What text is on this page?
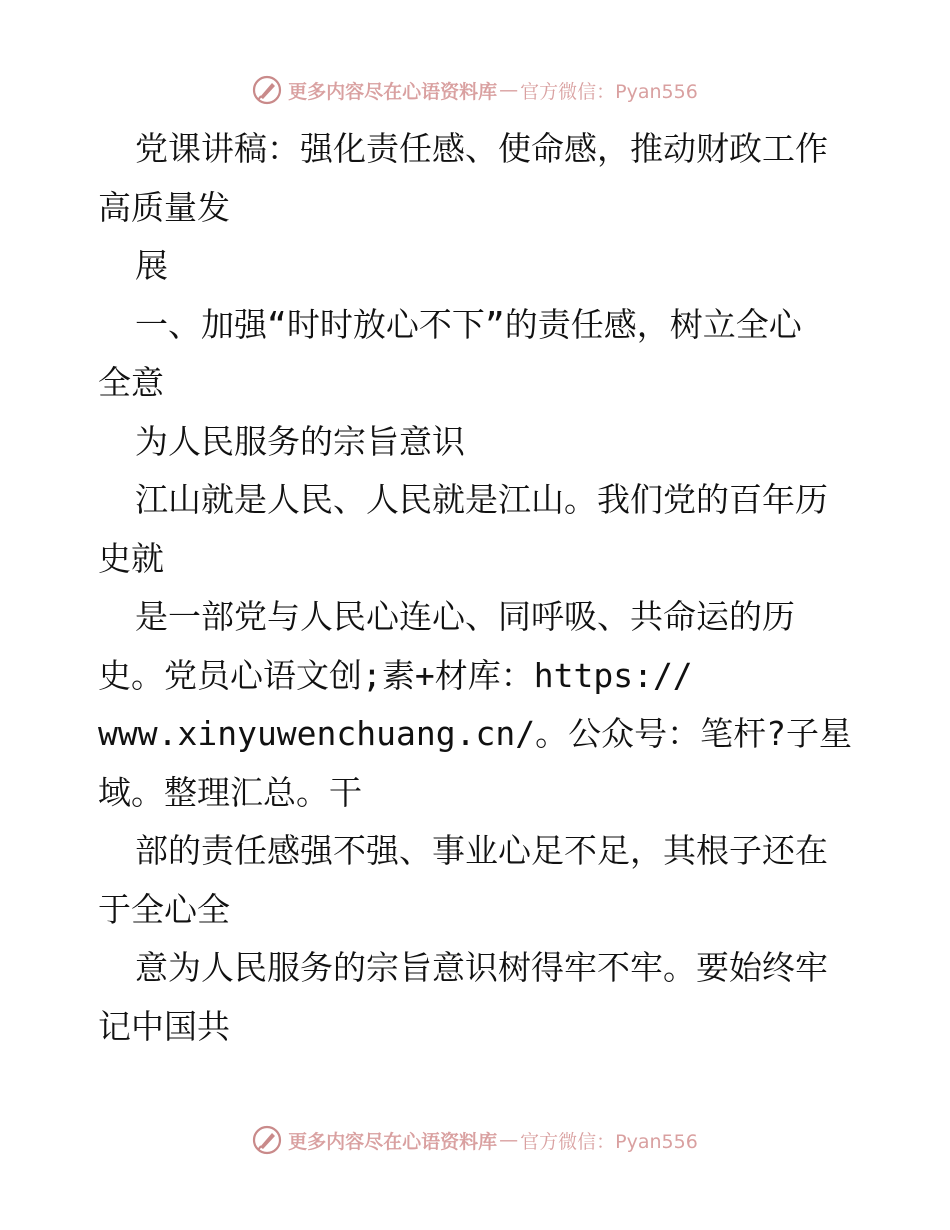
更多内容尽在心语资料库 — 官方微信：Pyan556
党课讲稿：强化责任感、使命感，推动财政工作
高质量发
展
一、加强“时时放心不下”的责任感，树立全心
全意
为人民服务的宗旨意识
江山就是人民、人民就是江山。我们党的百年历
史就
是一部党与人民心连心、同呼吸、共命运的历
史。党员心语文创;素+材库：https://
www.xinyuwenchuang.cn/。公众号：笔杆?子星
域。整理汇总。干
部的责任感强不强、事业心足不足，其根子还在
于全心全
意为人民服务的宗旨意识树得牢不牢。要始终牢
记中国共
更多内容尽在心语资料库 — 官方微信：Pyan556
